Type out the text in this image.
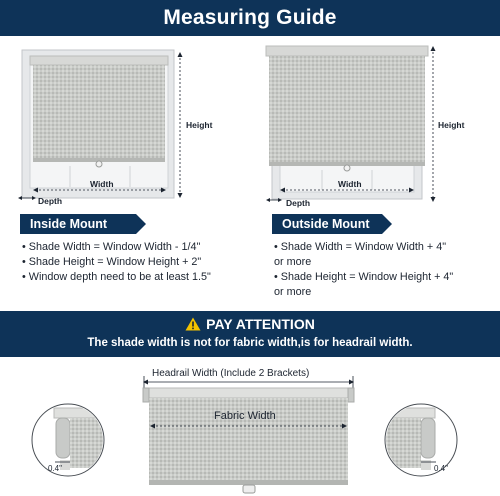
Measuring Guide
Height
Width
Depth
Height
Width
Depth
Inside Mount	Outside Mount
• Shade Width = Window Width - 1/4"
• Shade Height = Window Height + 2"
• Window depth need to be at least 1.5"
• Shade Width = Window Width + 4"
or more
• Shade Height = Window Height + 4"
or more
PAY ATTENTION
The shade width is not for fabric width,is for headrail width.
Headrail Width (Include 2 Brackets)
Fabric Width
0.4"	0.4"
